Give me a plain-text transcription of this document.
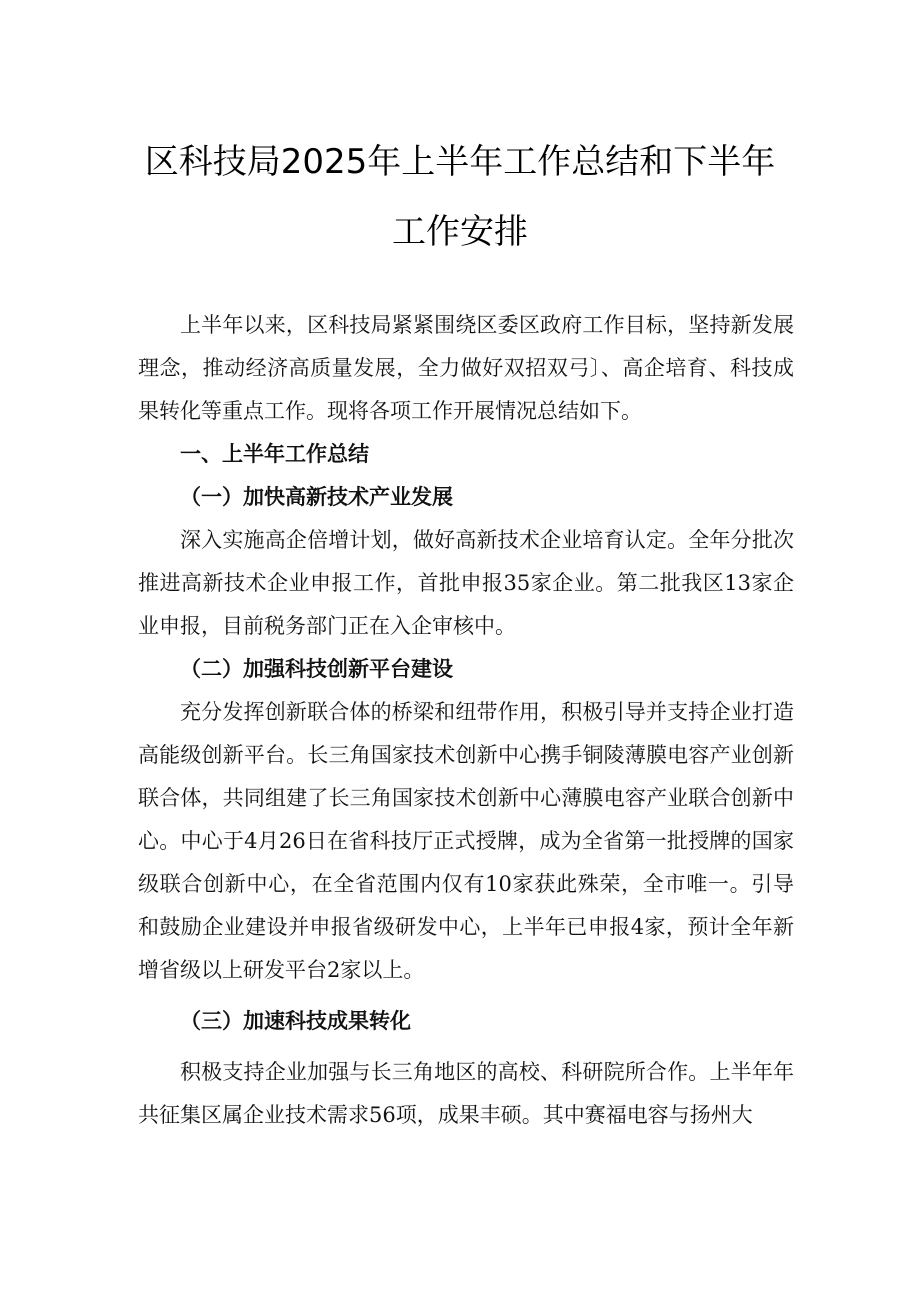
区科技局2025年上半年工作总结和下半年
工作安排

上半年以来，区科技局紧紧围绕区委区政府工作目标，坚持新发展理念，推动经济高质量发展，全力做好双招双弓〕、高企培育、科技成果转化等重点工作。现将各项工作开展情况总结如下。

一、上半年工作总结

（一）加快高新技术产业发展

深入实施高企倍增计划，做好高新技术企业培育认定。全年分批次推进高新技术企业申报工作，首批申报35家企业。第二批我区13家企业申报，目前税务部门正在入企审核中。

（二）加强科技创新平台建设

充分发挥创新联合体的桥梁和纽带作用，积极引导并支持企业打造高能级创新平台。长三角国家技术创新中心携手铜陵薄膜电容产业创新联合体，共同组建了长三角国家技术创新中心薄膜电容产业联合创新中心。中心于4月26日在省科技厅正式授牌，成为全省第一批授牌的国家级联合创新中心，在全省范围内仅有10家获此殊荣，全市唯一。引导和鼓励企业建设并申报省级研发中心，上半年已申报4家，预计全年新增省级以上研发平台2家以上。

（三）加速科技成果转化

积极支持企业加强与长三角地区的高校、科研院所合作。上半年年共征集区属企业技术需求56项，成果丰硕。其中赛福电容与扬州大
